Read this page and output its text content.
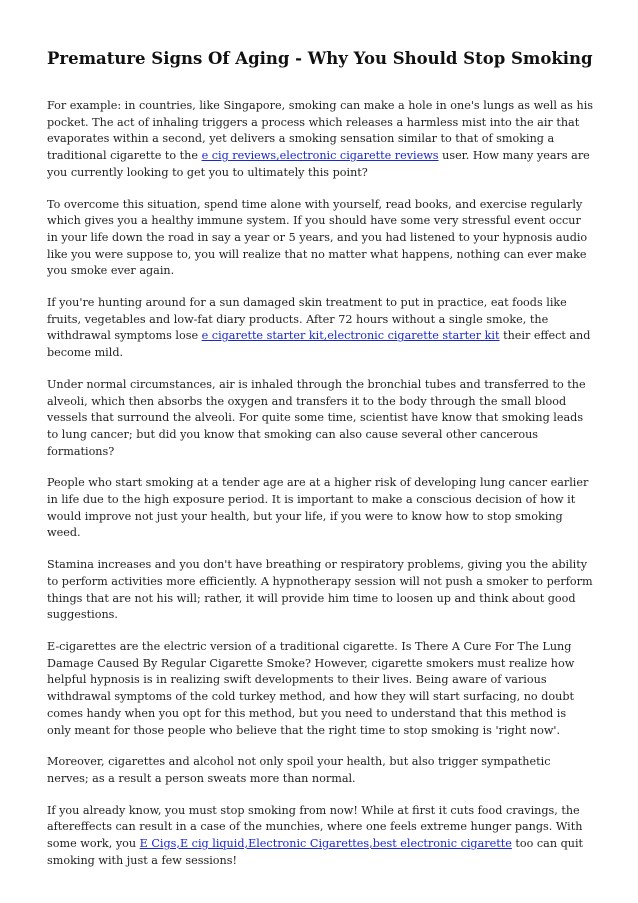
Premature Signs Of Aging - Why You Should Stop Smoking

For example: in countries, like Singapore, smoking can make a hole in one's lungs as well as his pocket. The act of inhaling triggers a process which releases a harmless mist into the air that evaporates within a second, yet delivers a smoking sensation similar to that of smoking a traditional cigarette to the e cig reviews,electronic cigarette reviews user. How many years are you currently looking to get you to ultimately this point?

To overcome this situation, spend time alone with yourself, read books, and exercise regularly which gives you a healthy immune system. If you should have some very stressful event occur in your life down the road in say a year or 5 years, and you had listened to your hypnosis audio like you were suppose to, you will realize that no matter what happens, nothing can ever make you smoke ever again.

If you're hunting around for a sun damaged skin treatment to put in practice, eat foods like fruits, vegetables and low-fat diary products. After 72 hours without a single smoke, the withdrawal symptoms lose e cigarette starter kit,electronic cigarette starter kit their effect and become mild.

Under normal circumstances, air is inhaled through the bronchial tubes and transferred to the alveoli, which then absorbs the oxygen and transfers it to the body through the small blood vessels that surround the alveoli. For quite some time, scientist have know that smoking leads to lung cancer; but did you know that smoking can also cause several other cancerous formations?

People who start smoking at a tender age are at a higher risk of developing lung cancer earlier in life due to the high exposure period. It is important to make a conscious decision of how it would improve not just your health, but your life, if you were to know how to stop smoking weed.

Stamina increases and you don't have breathing or respiratory problems, giving you the ability to perform activities more efficiently. A hypnotherapy session will not push a smoker to perform things that are not his will; rather, it will provide him time to loosen up and think about good suggestions.

E-cigarettes are the electric version of a traditional cigarette. Is There A Cure For The Lung Damage Caused By Regular Cigarette Smoke? However, cigarette smokers must realize how helpful hypnosis is in realizing swift developments to their lives. Being aware of various withdrawal symptoms of the cold turkey method, and how they will start surfacing, no doubt comes handy when you opt for this method, but you need to understand that this method is only meant for those people who believe that the right time to stop smoking is 'right now'.

Moreover, cigarettes and alcohol not only spoil your health, but also trigger sympathetic nerves; as a result a person sweats more than normal.

If you already know, you must stop smoking from now! While at first it cuts food cravings, the aftereffects can result in a case of the munchies, where one feels extreme hunger pangs. With some work, you E Cigs,E cig liquid,Electronic Cigarettes,best electronic cigarette too can quit smoking with just a few sessions!
